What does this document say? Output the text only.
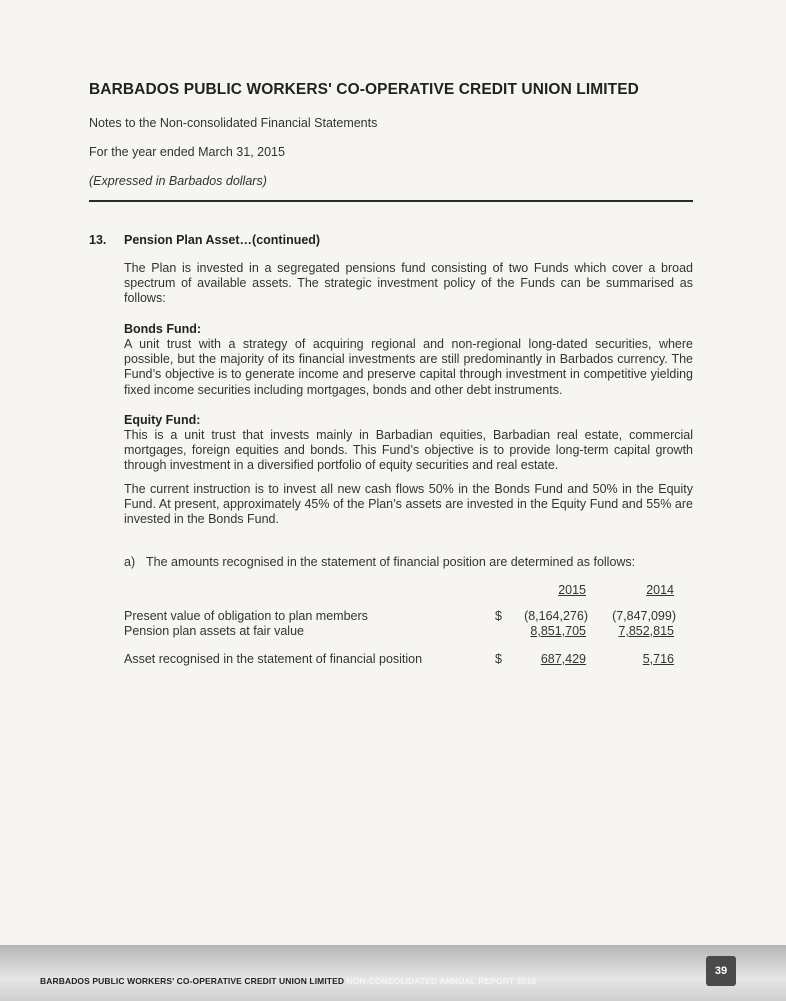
BARBADOS PUBLIC WORKERS' CO-OPERATIVE CREDIT UNION LIMITED
Notes to the Non-consolidated Financial Statements
For the year ended March 31, 2015
(Expressed in Barbados dollars)
13. Pension Plan Asset…(continued)
The Plan is invested in a segregated pensions fund consisting of two Funds which cover a broad spectrum of available assets. The strategic investment policy of the Funds can be summarised as follows:
Bonds Fund:
A unit trust with a strategy of acquiring regional and non-regional long-dated securities, where possible, but the majority of its financial investments are still predominantly in Barbados currency. The Fund’s objective is to generate income and preserve capital through investment in competitive yielding fixed income securities including mortgages, bonds and other debt instruments.
Equity Fund:
This is a unit trust that invests mainly in Barbadian equities, Barbadian real estate, commercial mortgages, foreign equities and bonds. This Fund’s objective is to provide long-term capital growth through investment in a diversified portfolio of equity securities and real estate.
The current instruction is to invest all new cash flows 50% in the Bonds Fund and 50% in the Equity Fund. At present, approximately 45% of the Plan’s assets are invested in the Equity Fund and 55% are invested in the Bonds Fund.
a) The amounts recognised in the statement of financial position are determined as follows:
2015	2014
Present value of obligation to plan members	$	(8,164,276)	(7,847,099)
Pension plan assets at fair value	8,851,705	7,852,815
Asset recognised in the statement of financial position	$	687,429	5,716
BARBADOS PUBLIC WORKERS’ CO-OPERATIVE CREDIT UNION LIMITED NON-CONSOLIDATED ANNUAL REPORT 2015
39
